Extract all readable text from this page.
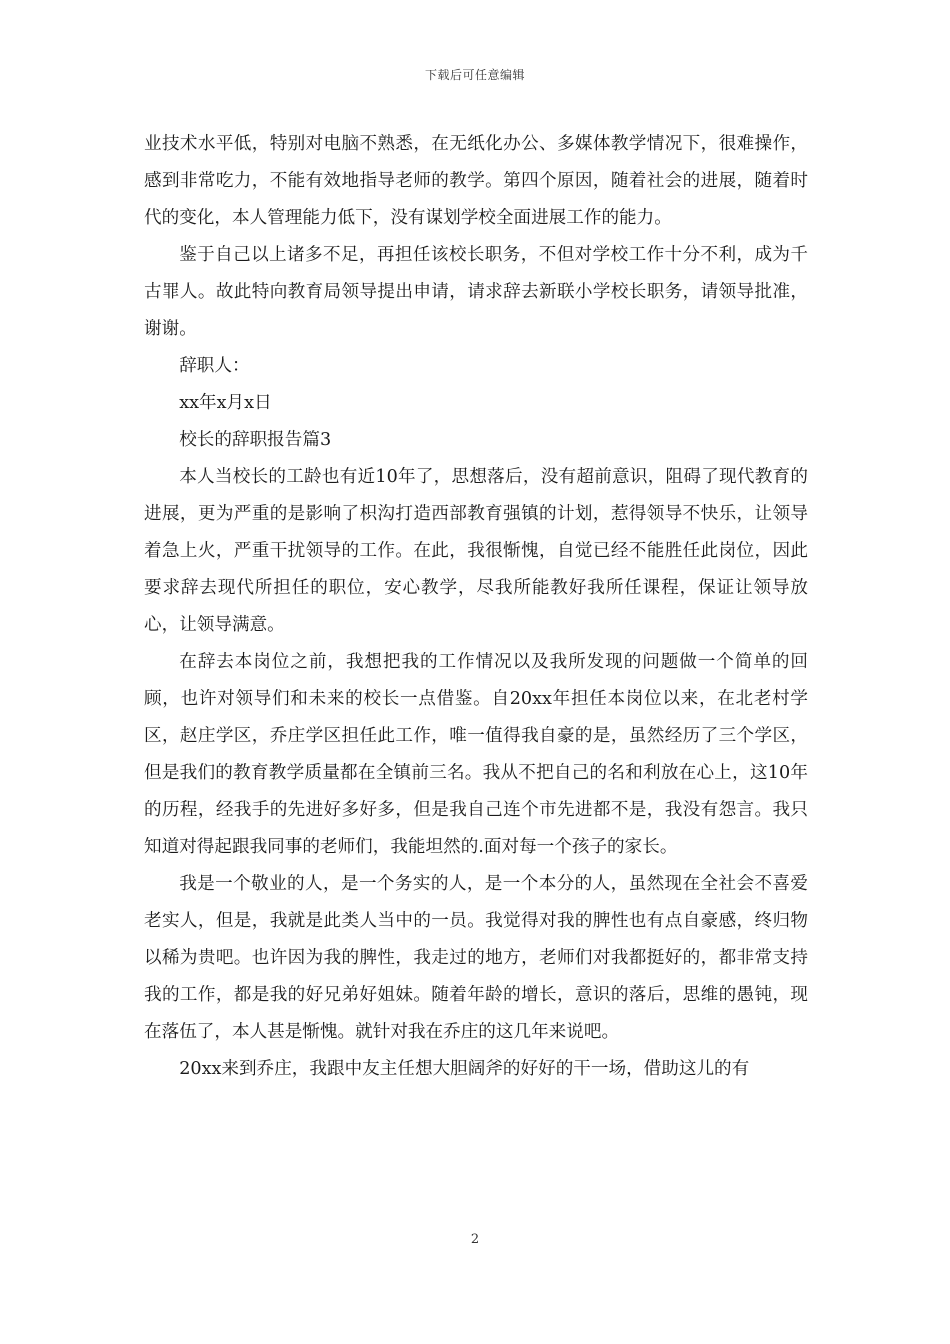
下载后可任意编辑

业技术水平低，特别对电脑不熟悉，在无纸化办公、多媒体教学情况下，很难操作，感到非常吃力，不能有效地指导老师的教学。第四个原因，随着社会的进展，随着时代的变化，本人管理能力低下，没有谋划学校全面进展工作的能力。

鉴于自己以上诸多不足，再担任该校长职务，不但对学校工作十分不利，成为千古罪人。故此特向教育局领导提出申请，请求辞去新联小学校长职务，请领导批准，谢谢。

辞职人：

xx年x月x日

校长的辞职报告篇3

本人当校长的工龄也有近10年了，思想落后，没有超前意识，阻碍了现代教育的进展，更为严重的是影响了枳沟打造西部教育强镇的计划，惹得领导不快乐，让领导着急上火，严重干扰领导的工作。在此，我很惭愧，自觉已经不能胜任此岗位，因此要求辞去现代所担任的职位，安心教学，尽我所能教好我所任课程，保证让领导放心，让领导满意。

在辞去本岗位之前，我想把我的工作情况以及我所发现的问题做一个简单的回顾，也许对领导们和未来的校长一点借鉴。自20xx年担任本岗位以来，在北老村学区，赵庄学区，乔庄学区担任此工作，唯一值得我自豪的是，虽然经历了三个学区，但是我们的教育教学质量都在全镇前三名。我从不把自己的名和利放在心上，这10年的历程，经我手的先进好多好多，但是我自己连个市先进都不是，我没有怨言。我只知道对得起跟我同事的老师们，我能坦然的.面对每一个孩子的家长。

我是一个敬业的人，是一个务实的人，是一个本分的人，虽然现在全社会不喜爱老实人，但是，我就是此类人当中的一员。我觉得对我的脾性也有点自豪感，终归物以稀为贵吧。也许因为我的脾性，我走过的地方，老师们对我都挺好的，都非常支持我的工作，都是我的好兄弟好姐妹。随着年龄的增长，意识的落后，思维的愚钝，现在落伍了，本人甚是惭愧。就针对我在乔庄的这几年来说吧。

20xx来到乔庄，我跟中友主任想大胆阔斧的好好的干一场，借助这儿的有

2
